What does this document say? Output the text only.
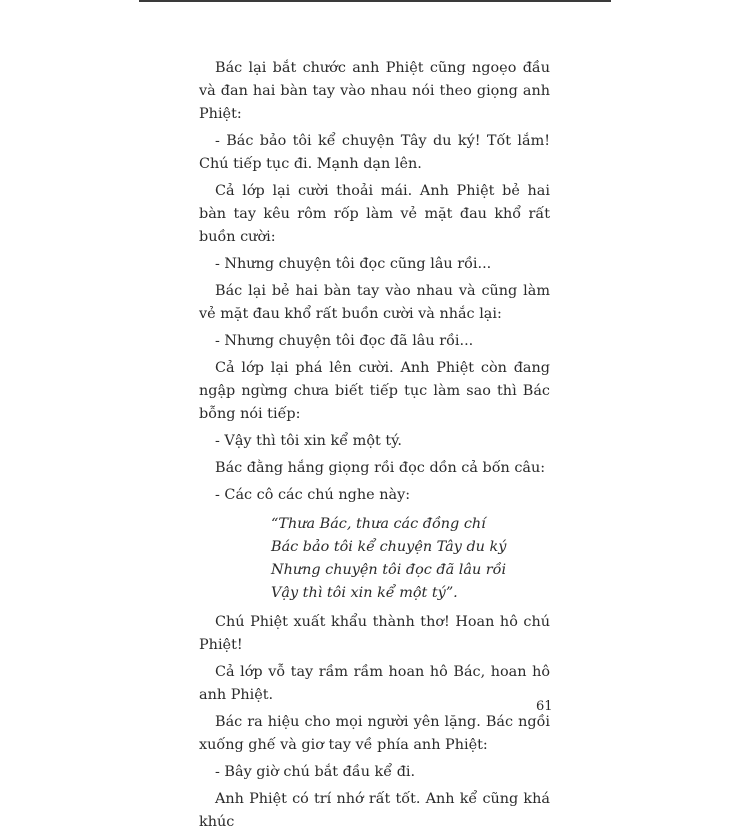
Bác lại bắt chước anh Phiệt cũng ngoẹo đầu và đan hai bàn tay vào nhau nói theo giọng anh Phiệt:

- Bác bảo tôi kể chuyện Tây du ký! Tốt lắm! Chú tiếp tục đi. Mạnh dạn lên.

Cả lớp lại cười thoải mái. Anh Phiệt bẻ hai bàn tay kêu rôm rốp làm vẻ mặt đau khổ rất buồn cười:

- Nhưng chuyện tôi đọc cũng lâu rồi...

Bác lại bẻ hai bàn tay vào nhau và cũng làm vẻ mặt đau khổ rất buồn cười và nhắc lại:

- Nhưng chuyện tôi đọc đã lâu rồi...

Cả lớp lại phá lên cười. Anh Phiệt còn đang ngập ngừng chưa biết tiếp tục làm sao thì Bác bỗng nói tiếp:

- Vậy thì tôi xin kể một tý.

Bác đằng hắng giọng rồi đọc dồn cả bốn câu:

- Các cô các chú nghe này:

“Thưa Bác, thưa các đồng chí
Bác bảo tôi kể chuyện Tây du ký
Nhưng chuyện tôi đọc đã lâu rồi
Vậy thì tôi xin kể một tý”.

Chú Phiệt xuất khẩu thành thơ! Hoan hô chú Phiệt!

Cả lớp vỗ tay rầm rầm hoan hô Bác, hoan hô anh Phiệt.

Bác ra hiệu cho mọi người yên lặng. Bác ngồi xuống ghế và giơ tay về phía anh Phiệt:

- Bây giờ chú bắt đầu kể đi.

Anh Phiệt có trí nhớ rất tốt. Anh kể cũng khá khúc

61
